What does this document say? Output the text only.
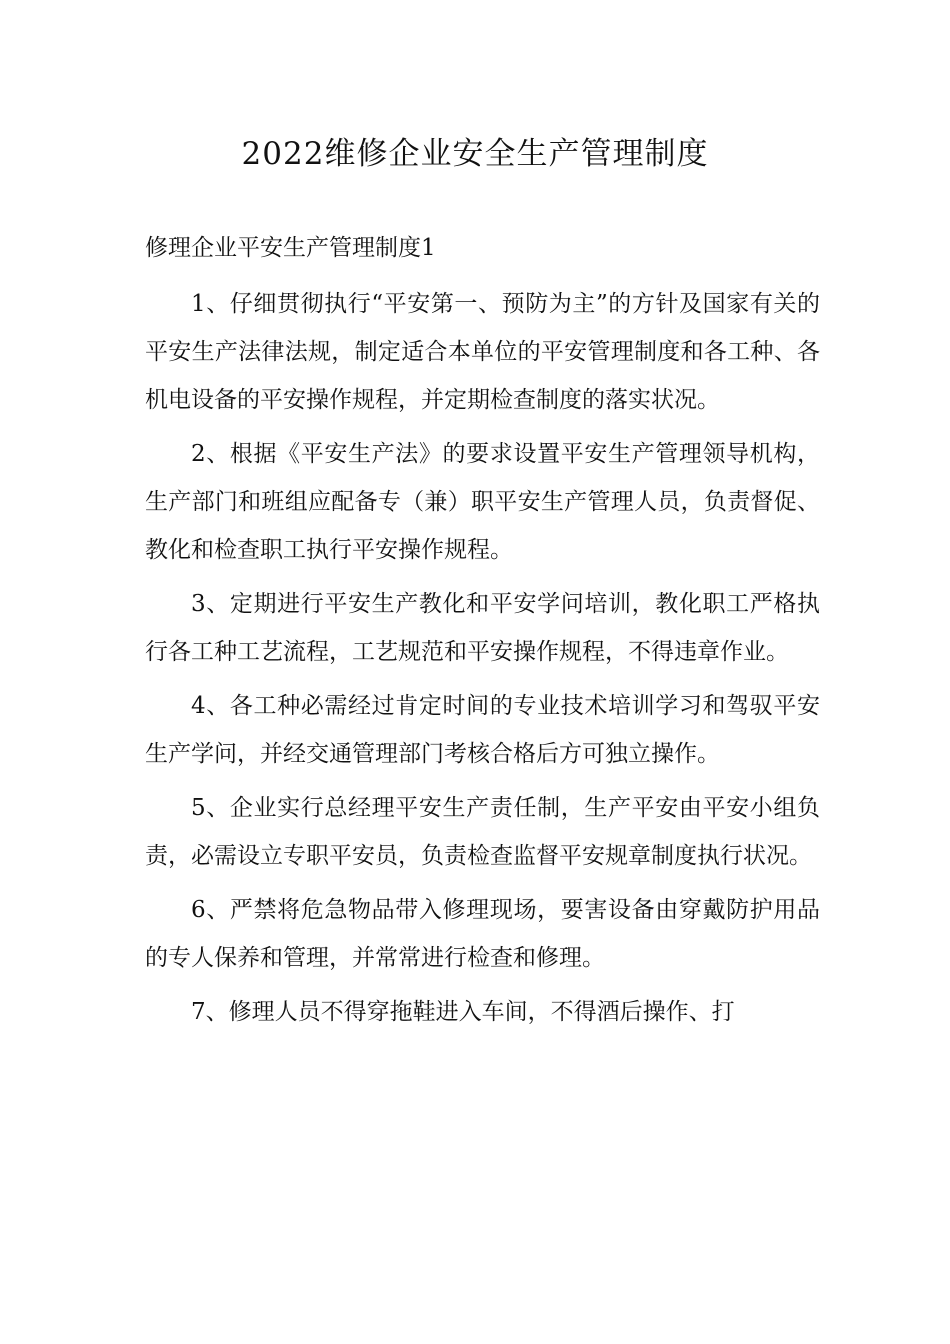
2022维修企业安全生产管理制度
修理企业平安生产管理制度1

1、仔细贯彻执行“平安第一、预防为主”的方针及国家有关的平安生产法律法规，制定适合本单位的平安管理制度和各工种、各机电设备的平安操作规程，并定期检查制度的落实状况。

2、根据《平安生产法》的要求设置平安生产管理领导机构，生产部门和班组应配备专（兼）职平安生产管理人员，负责督促、教化和检查职工执行平安操作规程。

3、定期进行平安生产教化和平安学问培训，教化职工严格执行各工种工艺流程，工艺规范和平安操作规程，不得违章作业。

4、各工种必需经过肯定时间的专业技术培训学习和驾驭平安生产学问，并经交通管理部门考核合格后方可独立操作。

5、企业实行总经理平安生产责任制，生产平安由平安小组负责，必需设立专职平安员，负责检查监督平安规章制度执行状况。

6、严禁将危急物品带入修理现场，要害设备由穿戴防护用品的专人保养和管理，并常常进行检查和修理。

7、修理人员不得穿拖鞋进入车间，不得酒后操作、打
